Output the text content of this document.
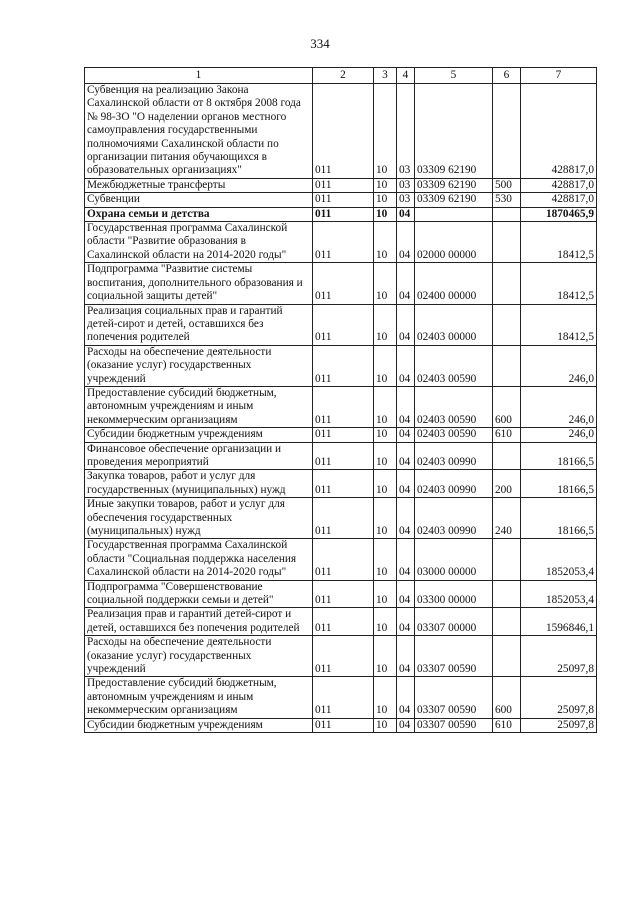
334
1	2	3	4	5	6	7
Субвенция на реализацию Закона Сахалинской области от 8 октября 2008 года № 98-ЗО "О наделении органов местного самоуправления государственными полномочиями Сахалинской области по организации питания обучающихся в образовательных организациях"	011	10	03	03309 62190		428817,0
Межбюджетные трансферты	011	10	03	03309 62190	500	428817,0
Субвенции	011	10	03	03309 62190	530	428817,0
Охрана семьи и детства	011	10	04			1870465,9
Государственная программа Сахалинской области "Развитие образования в Сахалинской области на 2014-2020 годы"	011	10	04	02000 00000		18412,5
Подпрограмма "Развитие системы воспитания, дополнительного образования и социальной защиты детей"	011	10	04	02400 00000		18412,5
Реализация социальных прав и гарантий детей-сирот и детей, оставшихся без попечения родителей	011	10	04	02403 00000		18412,5
Расходы на обеспечение деятельности (оказание услуг) государственных учреждений	011	10	04	02403 00590		246,0
Предоставление субсидий бюджетным, автономным учреждениям и иным некоммерческим организациям	011	10	04	02403 00590	600	246,0
Субсидии бюджетным учреждениям	011	10	04	02403 00590	610	246,0
Финансовое обеспечение организации и проведения мероприятий	011	10	04	02403 00990		18166,5
Закупка товаров, работ и услуг для государственных (муниципальных) нужд	011	10	04	02403 00990	200	18166,5
Иные закупки товаров, работ и услуг для обеспечения государственных (муниципальных) нужд	011	10	04	02403 00990	240	18166,5
Государственная программа Сахалинской области "Социальная поддержка населения Сахалинской области на 2014-2020 годы"	011	10	04	03000 00000		1852053,4
Подпрограмма "Совершенствование социальной поддержки семьи и детей"	011	10	04	03300 00000		1852053,4
Реализация прав и гарантий детей-сирот и детей, оставшихся без попечения родителей	011	10	04	03307 00000		1596846,1
Расходы на обеспечение деятельности (оказание услуг) государственных учреждений	011	10	04	03307 00590		25097,8
Предоставление субсидий бюджетным, автономным учреждениям и иным некоммерческим организациям	011	10	04	03307 00590	600	25097,8
Субсидии бюджетным учреждениям	011	10	04	03307 00590	610	25097,8
